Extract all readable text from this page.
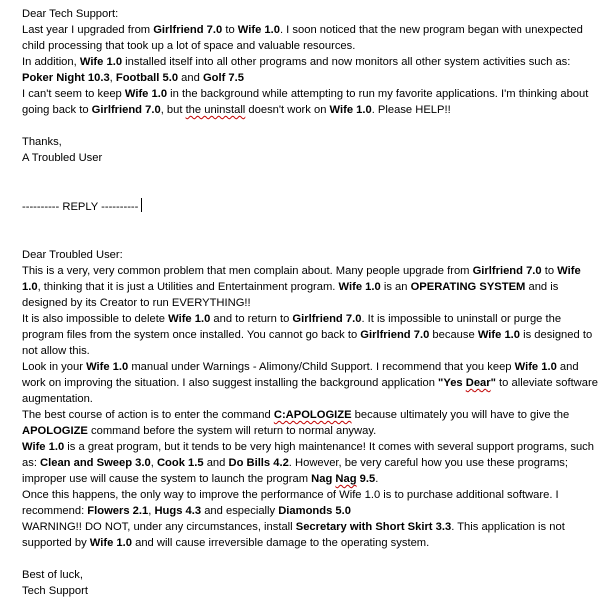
Dear Tech Support:

Last year I upgraded from Girlfriend 7.0 to Wife 1.0. I soon noticed that the new program began with unexpected child processing that took up a lot of space and valuable resources.

In addition, Wife 1.0 installed itself into all other programs and now monitors all other system activities such as: Poker Night 10.3, Football 5.0 and Golf 7.5

I can't seem to keep Wife 1.0 in the background while attempting to run my favorite applications. I'm thinking about going back to Girlfriend 7.0, but the uninstall doesn't work on Wife 1.0. Please HELP!!

Thanks,

A Troubled User

---------- REPLY ----------

Dear Troubled User:

This is a very, very common problem that men complain about. Many people upgrade from Girlfriend 7.0 to Wife 1.0, thinking that it is just a Utilities and Entertainment program. Wife 1.0 is an OPERATING SYSTEM and is designed by its Creator to run EVERYTHING!!

It is also impossible to delete Wife 1.0 and to return to Girlfriend 7.0. It is impossible to uninstall or purge the program files from the system once installed. You cannot go back to Girlfriend 7.0 because Wife 1.0 is designed to not allow this.

Look in your Wife 1.0 manual under Warnings - Alimony/Child Support. I recommend that you keep Wife 1.0 and work on improving the situation. I also suggest installing the background application "Yes Dear" to alleviate software augmentation.

The best course of action is to enter the command C:APOLOGIZE because ultimately you will have to give the APOLOGIZE command before the system will return to normal anyway.

Wife 1.0 is a great program, but it tends to be very high maintenance! It comes with several support programs, such as: Clean and Sweep 3.0, Cook 1.5 and Do Bills 4.2. However, be very careful how you use these programs; improper use will cause the system to launch the program Nag Nag 9.5.

Once this happens, the only way to improve the performance of Wife 1.0 is to purchase additional software. I recommend: Flowers 2.1, Hugs 4.3 and especially Diamonds 5.0

WARNING!! DO NOT, under any circumstances, install Secretary with Short Skirt 3.3. This application is not supported by Wife 1.0 and will cause irreversible damage to the operating system.

Best of luck,

Tech Support
